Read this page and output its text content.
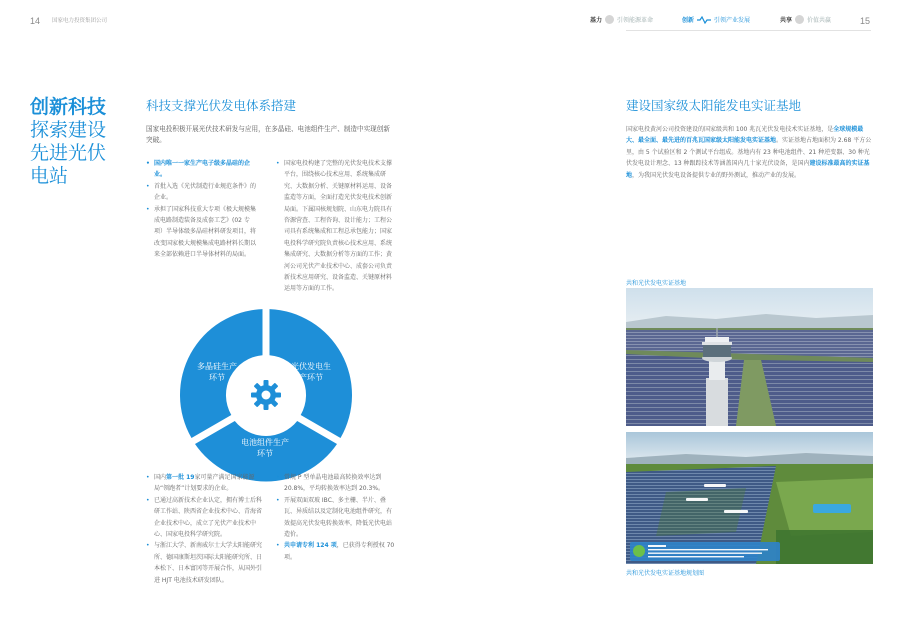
14 国家电力投资集团公司	基力	引领能源革命	创新	引领产业发展	共享	价值共赢	15
创新科技
探索建设
先进光伏
电站
科技支撑光伏发电体系搭建
国家电投积极开展光伏技术研发与应用，在多晶硅、电池组件生产、制造中实现创新突破。
• 国内唯一一家生产电子级多晶硅的企业。
• 首批入选《光伏制造行业规范条件》的企业。
• 承担了国家科技重大专项《极大规模集成电路制造装备及成套工艺》(02 专项）半导体级多晶硅材料研发项目，将改变国家极大规模集成电路材料长期以来全部依赖进口半导体材料的局面。
• 国家电投构建了完整的光伏发电技术支撑平台，围绕核心技术应用、系统集成研究、大数据分析、关键原材料运用、设备监造等方面，全面打造光伏发电技术创新局面。下属国核规划院、山东电力院具有咨源营查、工程咨询、设计能力；工程公司具有系统集成和工程总承包能力；国家电投科学研究院负责核心技术应用、系统集成研究、大数据分析等方面的工作；黄河公司光伏产业技术中心、成套公司负责新技术应用研究、设备监造、关键原材料运用等方面的工作。
多晶硅生产环节
光伏发电生产环节
电池组件生产环节
• 国内第一批 19家可量产满足国家能源局“领跑者”计划要求的企业。
• 已通过高新技术企业认定，拥有博士后科研工作站、陕西省企业技术中心、青海省企业技术中心，成立了光伏产业技术中心、国家电投科学研究院。
• 与浙江大学、新南威尔士大学太阳能研究所、德国康斯坦茨国际太阳能研究所、日本松下、日本富冈等开展合作，从国外引进 HJT 电池技术研发团队。
• 常规 P 型单晶电池最高转换效率达到 20.8%，平均转换效率达到 20.3%。
• 开展双面双玻 IBC、多主栅、半片、叠瓦、异质结以及定制化电池组件研究，有效提高光伏发电转换效率，降低光伏电站造价。
• 共申请专利 124 项，已获得专利授权 70 项。
建设国家级太阳能发电实证基地
国家电投黄河公司投资建设的国家级共和 100 兆瓦光伏发电技术实证基地，是全球规模最大、最全面、最先进的百兆瓦国家级太阳能发电实证基地。实证基地占地面积为 2.68 平方公里，由 5 个试验区和 2 个测试平台组成。基地内有 23 种电池组件、21 种逆变器、30 种光伏发电设计理念、13 种跟踪技术等涵盖国内几十家光伏设备，是国内建设标准最高的实证基地，为我国光伏发电设备提供专业的野外测试，推动产业的发展。
共和光伏发电实证基地
共和光伏发电实证基地规划图
